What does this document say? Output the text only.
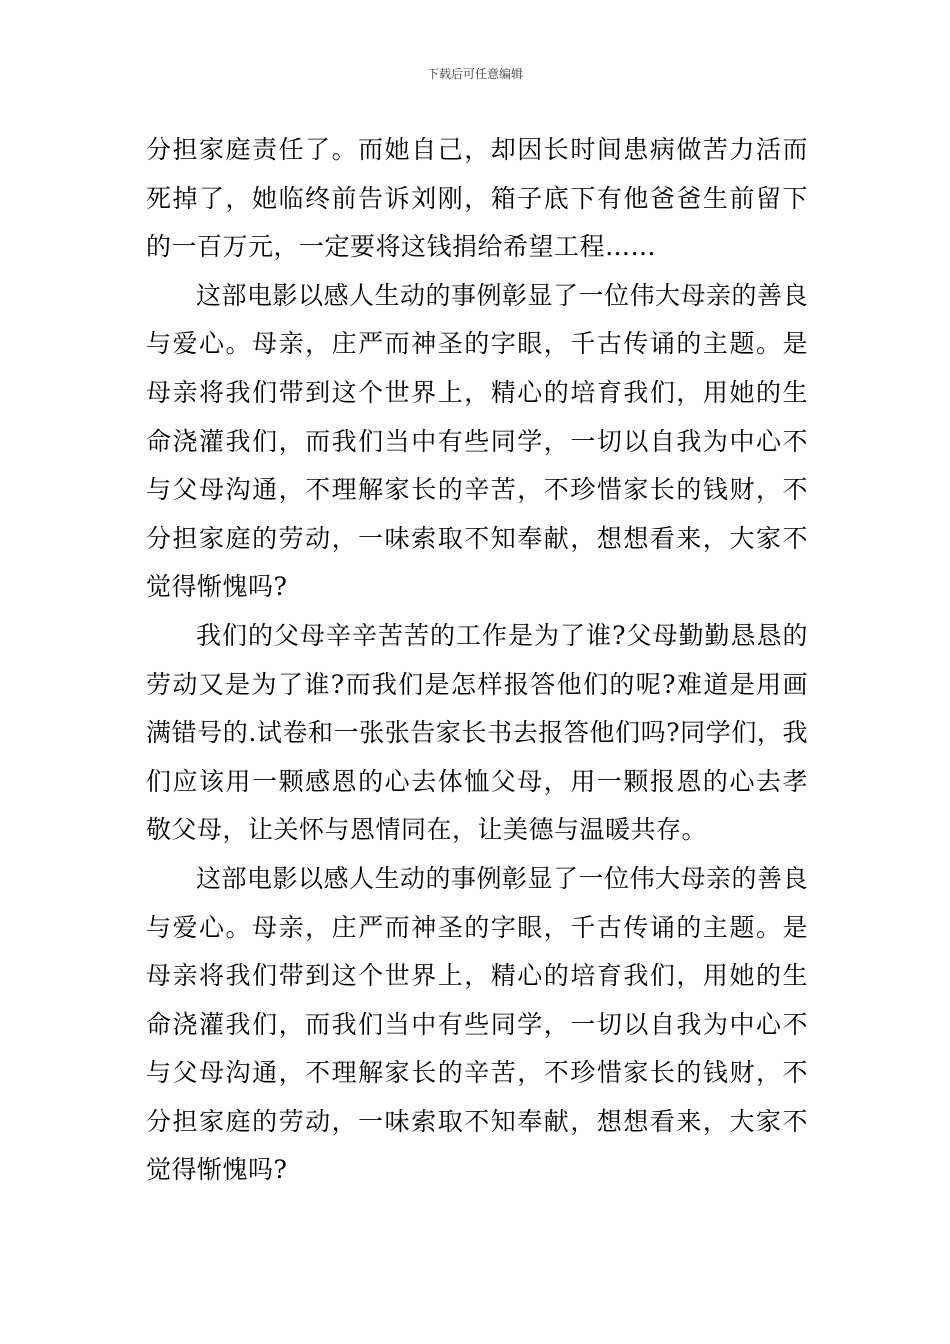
下载后可任意编辑

分担家庭责任了。而她自己，却因长时间患病做苦力活而死掉了，她临终前告诉刘刚，箱子底下有他爸爸生前留下的一百万元，一定要将这钱捐给希望工程……

这部电影以感人生动的事例彰显了一位伟大母亲的善良与爱心。母亲，庄严而神圣的字眼，千古传诵的主题。是母亲将我们带到这个世界上，精心的培育我们，用她的生命浇灌我们，而我们当中有些同学，一切以自我为中心不与父母沟通，不理解家长的辛苦，不珍惜家长的钱财，不分担家庭的劳动，一味索取不知奉献，想想看来，大家不觉得惭愧吗?

我们的父母辛辛苦苦的工作是为了谁?父母勤勤恳恳的劳动又是为了谁?而我们是怎样报答他们的呢?难道是用画满错号的.试卷和一张张告家长书去报答他们吗?同学们，我们应该用一颗感恩的心去体恤父母，用一颗报恩的心去孝敬父母，让关怀与恩情同在，让美德与温暖共存。

这部电影以感人生动的事例彰显了一位伟大母亲的善良与爱心。母亲，庄严而神圣的字眼，千古传诵的主题。是母亲将我们带到这个世界上，精心的培育我们，用她的生命浇灌我们，而我们当中有些同学，一切以自我为中心不与父母沟通，不理解家长的辛苦，不珍惜家长的钱财，不分担家庭的劳动，一味索取不知奉献，想想看来，大家不觉得惭愧吗?
